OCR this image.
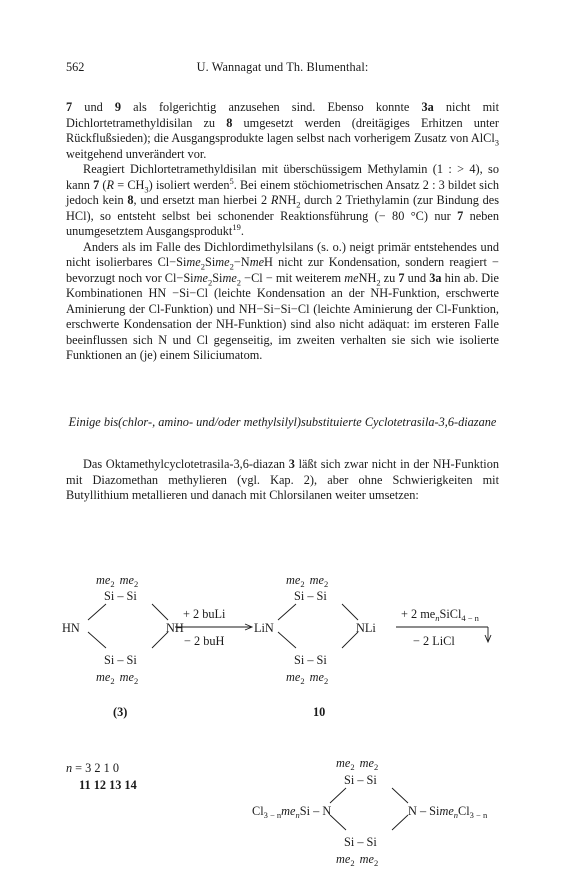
562	U. Wannagat und Th. Blumenthal:
7 und 9 als folgerichtig anzusehen sind. Ebenso konnte 3a nicht mit Dichlortetramethyldisilan zu 8 umgesetzt werden (dreitägiges Erhitzen unter Rückflußsieden); die Ausgangsprodukte lagen selbst nach vorherigem Zusatz von AlCl$_3$ weitgehend unverändert vor.
Reagiert Dichlortetramethyldisilan mit überschüssigem Methylamin (1 : > 4), so kann 7 $(R = CH_3)$ isoliert werden$^5$. Bei einem stöchiometrischen Ansatz 2 : 3 bildet sich jedoch kein 8, und ersetzt man hierbei 2 $RNH_2$ durch 2 Triethylamin (zur Bindung des HCl), so entsteht selbst bei schonender Reaktionsführung (− 80 °C) nur 7 neben unumgesetztem Ausgangsprodukt$^{19}$.
Anders als im Falle des Dichlordimethylsilans (s. o.) neigt primär entstehendes und nicht isolierbares Cl−Sime$_2$Sime$_2$−NmeH nicht zur Kondensation, sondern reagiert − bevorzugt noch vor Cl−Sime$_2$Sime$_2$ −Cl − mit weiterem meNH$_2$ zu 7 und 3a hin ab. Die Kombinationen HN −Si−Cl (leichte Kondensation an der NH-Funktion, erschwerte Aminierung der Cl-Funktion) und NH−Si−Si−Cl (leichte Aminierung der Cl-Funktion, erschwerte Kondensation der NH-Funktion) sind also nicht adäquat: im ersteren Falle beeinflussen sich N und Cl gegenseitig, im zweiten verhalten sie sich wie isolierte Funktionen an (je) einem Siliciumatom.
Einige bis(chlor-, amino- und/oder methylsilyl)substituierte Cyclotetrasila-3,6-diazane
Das Oktamethylcyclotetrasila-3,6-diazan 3 läßt sich zwar nicht in der NH-Funktion mit Diazomethan methylieren (vgl. Kap. 2), aber ohne Schwierigkeiten mit Butyllithium metallieren und danach mit Chlorsilanen weiter umsetzen:
$me_2$ $me_2$
Si – Si
HN	NH
Si – Si
$me_2$ $me_2$
(3)
+ 2 buLi
− 2 buH
$me_2$ $me_2$
Si – Si
LiN	NLi
Si – Si
$me_2$ $me_2$
10
+ 2 $me_nSiCl_{4 - n}$
− 2 LiCl
n = 3 2 1 0
11 12 13 14
$me_2$ $me_2$
Si – Si
$Cl_{3 - n}me_nSi$ – N	N – $Sime_nCl_{3 - n}$
Si – Si
$me_2$ $me_2$
